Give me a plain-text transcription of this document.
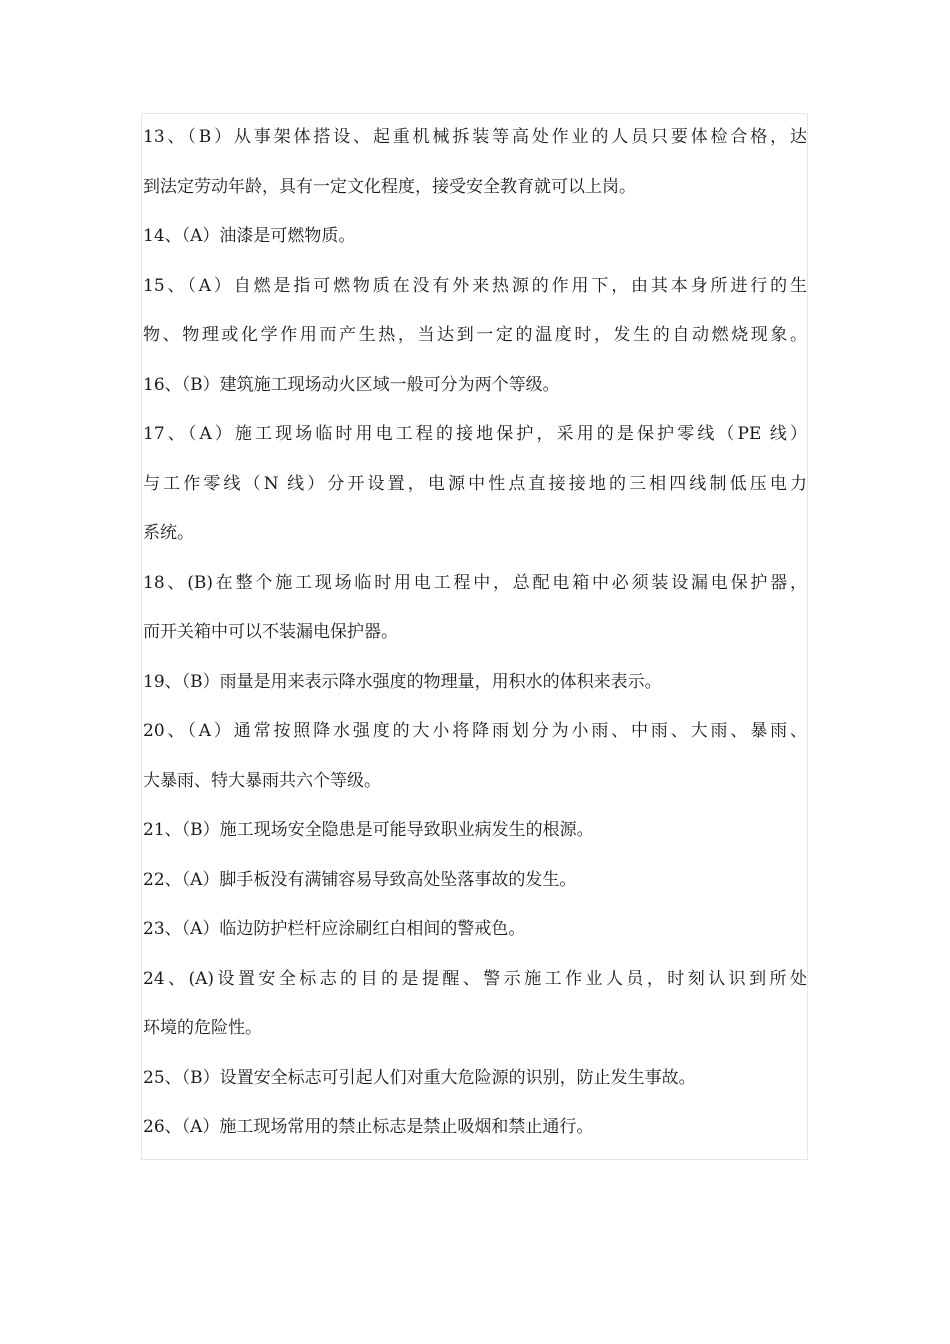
13、（B）从事架体搭设、起重机械拆装等高处作业的人员只要体检合格，达

到法定劳动年龄，具有一定文化程度，接受安全教育就可以上岗。

14、（A）油漆是可燃物质。

15、（A）自燃是指可燃物质在没有外来热源的作用下，由其本身所进行的生

物、物理或化学作用而产生热，当达到一定的温度时，发生的自动燃烧现象。

16、（B）建筑施工现场动火区域一般可分为两个等级。

17、（A）施工现场临时用电工程的接地保护，采用的是保护零线（PE 线）

与工作零线（N 线）分开设置，电源中性点直接接地的三相四线制低压电力

系统。

18、(B)在整个施工现场临时用电工程中，总配电箱中必须装设漏电保护器，

而开关箱中可以不装漏电保护器。

19、（B）雨量是用来表示降水强度的物理量，用积水的体积来表示。

20、（A）通常按照降水强度的大小将降雨划分为小雨、中雨、大雨、暴雨、

大暴雨、特大暴雨共六个等级。

21、（B）施工现场安全隐患是可能导致职业病发生的根源。

22、（A）脚手板没有满铺容易导致高处坠落事故的发生。

23、（A）临边防护栏杆应涂刷红白相间的警戒色。

24、(A)设置安全标志的目的是提醒、警示施工作业人员，时刻认识到所处

环境的危险性。

25、（B）设置安全标志可引起人们对重大危险源的识别，防止发生事故。

26、（A）施工现场常用的禁止标志是禁止吸烟和禁止通行。
